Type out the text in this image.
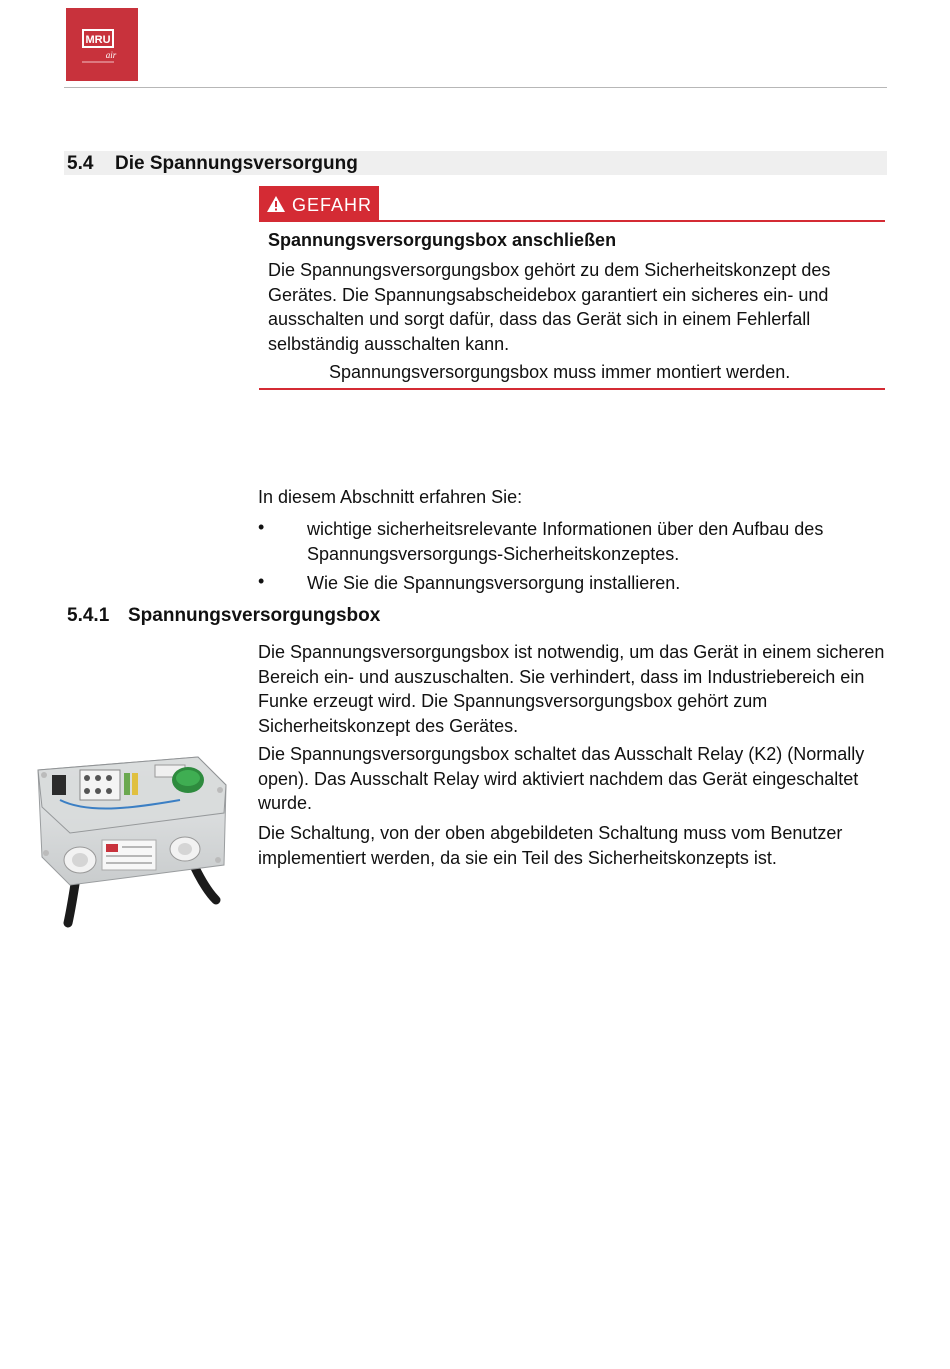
MRU
air
5.4 Die Spannungsversorgung
GEFAHR
Spannungsversorgungsbox anschließen
Die Spannungsversorgungsbox gehört zu dem Sicherheitskonzept des Gerätes. Die Spannungsabscheidebox garantiert ein sicheres ein- und ausschalten und sorgt dafür, dass das Gerät sich in einem Fehlerfall selbständig ausschalten kann.
Spannungsversorgungsbox muss immer montiert werden.
In diesem Abschnitt erfahren Sie:
• wichtige sicherheitsrelevante Informationen über den Aufbau des Spannungsversorgungs-Sicherheitskonzeptes.
• Wie Sie die Spannungsversorgung installieren.
5.4.1 Spannungsversorgungsbox

Die Spannungsversorgungsbox ist notwendig, um das Gerät in einem sicheren Bereich ein- und auszuschalten. Sie verhindert, dass im Industriebereich ein Funke erzeugt wird. Die Spannungsversorgungsbox gehört zum Sicherheitskonzept des Gerätes.

Die Spannungsversorgungsbox schaltet das Ausschalt Relay (K2) (Normally open). Das Ausschalt Relay wird aktiviert nachdem das Gerät eingeschaltet wurde.

Die Schaltung, von der oben abgebildeten Schaltung muss vom Benutzer implementiert werden, da sie ein Teil des Sicherheitskonzepts ist.
